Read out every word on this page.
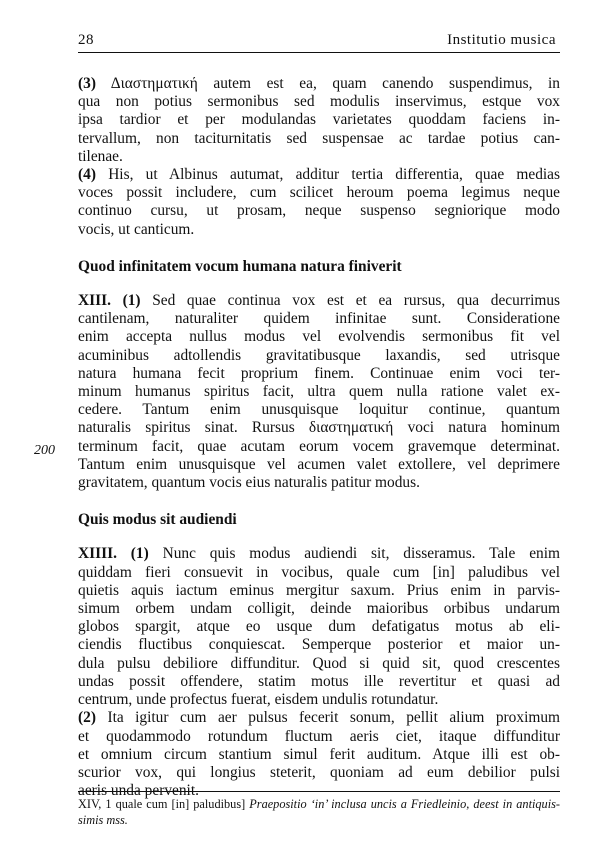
28	Institutio musica
200
(3) Διαστηματική autem est ea, quam canendo suspendimus, in
qua non potius sermonibus sed modulis inservimus, estque vox
ipsa tardior et per modulandas varietates quoddam faciens in-
tervallum, non taciturnitatis sed suspensae ac tardae potius can-
tilenae.
(4) His, ut Albinus autumat, additur tertia differentia, quae medias
voces possit includere, cum scilicet heroum poema legimus neque
continuo cursu, ut prosam, neque suspenso segniorique modo
vocis, ut canticum.
Quod infinitatem vocum humana natura finiverit
XIII. (1) Sed quae continua vox est et ea rursus, qua decurrimus
cantilenam, naturaliter quidem infinitae sunt. Consideratione
enim accepta nullus modus vel evolvendis sermonibus fit vel
acuminibus adtollendis gravitatibusque laxandis, sed utrisque
natura humana fecit proprium finem. Continuae enim voci ter-
minum humanus spiritus facit, ultra quem nulla ratione valet ex-
cedere. Tantum enim unusquisque loquitur continue, quantum
naturalis spiritus sinat. Rursus διαστηματική voci natura hominum
terminum facit, quae acutam eorum vocem gravemque determinat.
Tantum enim unusquisque vel acumen valet extollere, vel deprimere
gravitatem, quantum vocis eius naturalis patitur modus.
Quis modus sit audiendi
XIIII. (1) Nunc quis modus audiendi sit, disseramus. Tale enim
quiddam fieri consuevit in vocibus, quale cum [in] paludibus vel
quietis aquis iactum eminus mergitur saxum. Prius enim in parvis-
simum orbem undam colligit, deinde maioribus orbibus undarum
globos spargit, atque eo usque dum defatigatus motus ab eli-
ciendis fluctibus conquiescat. Semperque posterior et maior un-
dula pulsu debiliore diffunditur. Quod si quid sit, quod crescentes
undas possit offendere, statim motus ille revertitur et quasi ad
centrum, unde profectus fuerat, eisdem undulis rotundatur.
(2) Ita igitur cum aer pulsus fecerit sonum, pellit alium proximum
et quodammodo rotundum fluctum aeris ciet, itaque diffunditur
et omnium circum stantium simul ferit auditum. Atque illi est ob-
scurior vox, qui longius steterit, quoniam ad eum debilior pulsi
aeris unda pervenit.
XIV, 1 quale cum [in] paludibus] Praepositio ‘in’ inclusa uncis a Friedleinio, deest in antiquis-
simis mss.
